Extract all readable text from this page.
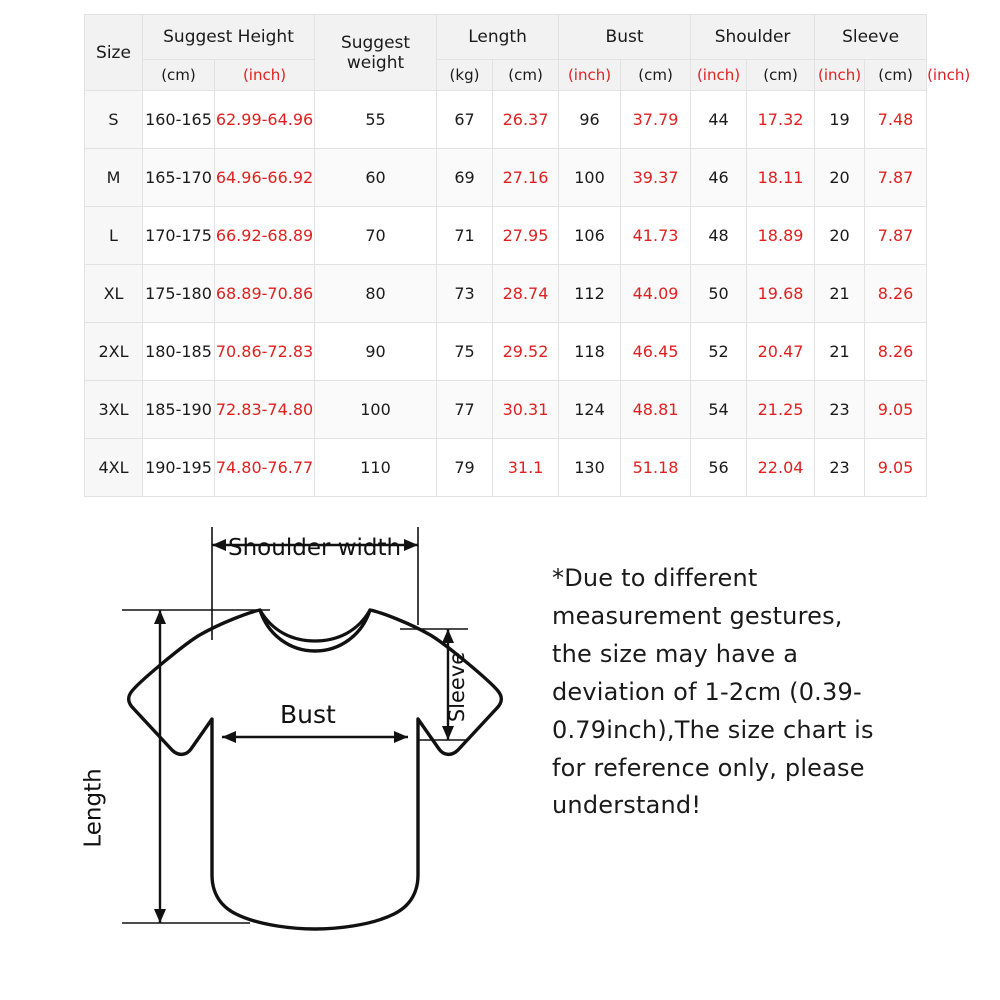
Size	Suggest Height		Suggest weight	Length		Bust		Shoulder		Sleeve		
	(cm)	(inch)		(kg)	(cm)	(inch)	(cm)	(inch)	(cm)	(inch)	(cm)	(inch)
S	160-165	62.99-64.96	55	67	26.37	96	37.79	44	17.32	19	7.48	
M	165-170	64.96-66.92	60	69	27.16	100	39.37	46	18.11	20	7.87	
L	170-175	66.92-68.89	70	71	27.95	106	41.73	48	18.89	20	7.87	
XL	175-180	68.89-70.86	80	73	28.74	112	44.09	50	19.68	21	8.26	
2XL	180-185	70.86-72.83	90	75	29.52	118	46.45	52	20.47	21	8.26	
3XL	185-190	72.83-74.80	100	77	30.31	124	48.81	54	21.25	23	9.05	
4XL	190-195	74.80-76.77	110	79	31.1	130	51.18	56	22.04	23	9.05	
Shoulder width
Bust
Length
Sleeve

*Due to different measurement gestures, the size may have a deviation of 1-2cm (0.39-0.79inch),The size chart is for reference only, please understand!
